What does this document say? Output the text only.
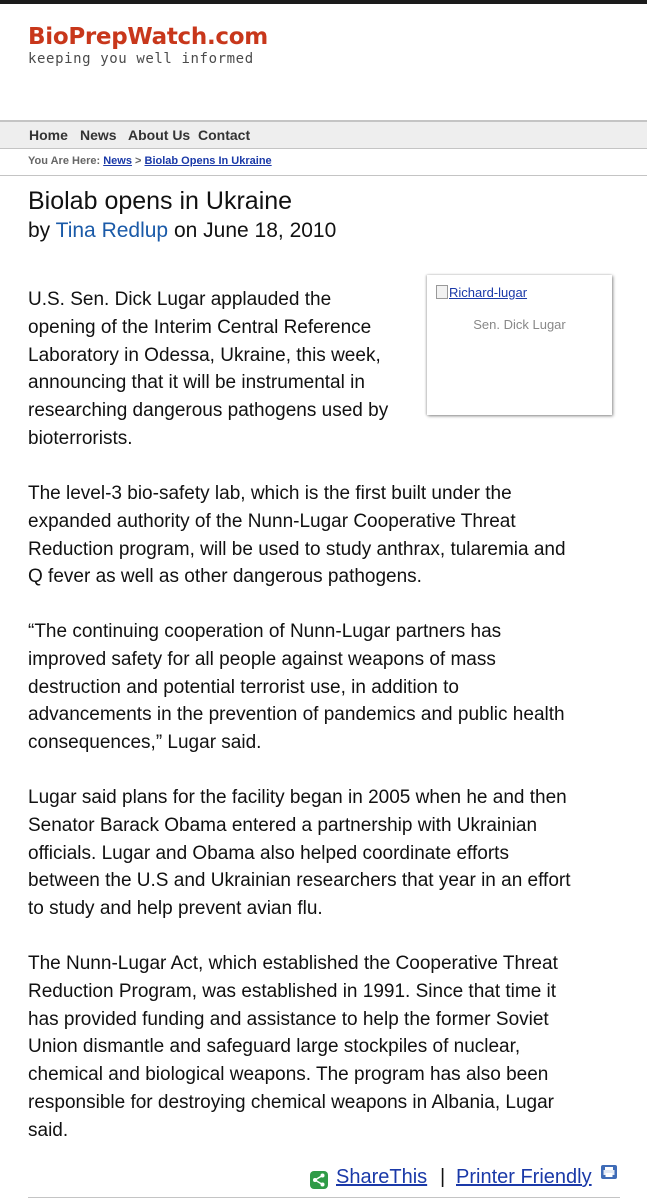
BioPrepWatch.com
keeping you well informed
Home News About Us Contact
You Are Here: News > Biolab Opens In Ukraine
Biolab opens in Ukraine
by Tina Redlup on June 18, 2010
Richard-lugar
Sen. Dick Lugar
U.S. Sen. Dick Lugar applauded the
opening of the Interim Central Reference
Laboratory in Odessa, Ukraine, this week,
announcing that it will be instrumental in
researching dangerous pathogens used by
bioterrorists.
The level-3 bio-safety lab, which is the first built under the
expanded authority of the Nunn-Lugar Cooperative Threat
Reduction program, will be used to study anthrax, tularemia and
Q fever as well as other dangerous pathogens.
“The continuing cooperation of Nunn-Lugar partners has
improved safety for all people against weapons of mass
destruction and potential terrorist use, in addition to
advancements in the prevention of pandemics and public health
consequences,” Lugar said.
Lugar said plans for the facility began in 2005 when he and then
Senator Barack Obama entered a partnership with Ukrainian
officials. Lugar and Obama also helped coordinate efforts
between the U.S and Ukrainian researchers that year in an effort
to study and help prevent avian flu.
The Nunn-Lugar Act, which established the Cooperative Threat
Reduction Program, was established in 1991. Since that time it
has provided funding and assistance to help the former Soviet
Union dismantle and safeguard large stockpiles of nuclear,
chemical and biological weapons. The program has also been
responsible for destroying chemical weapons in Albania, Lugar
said.
ShareThis | Printer Friendly
